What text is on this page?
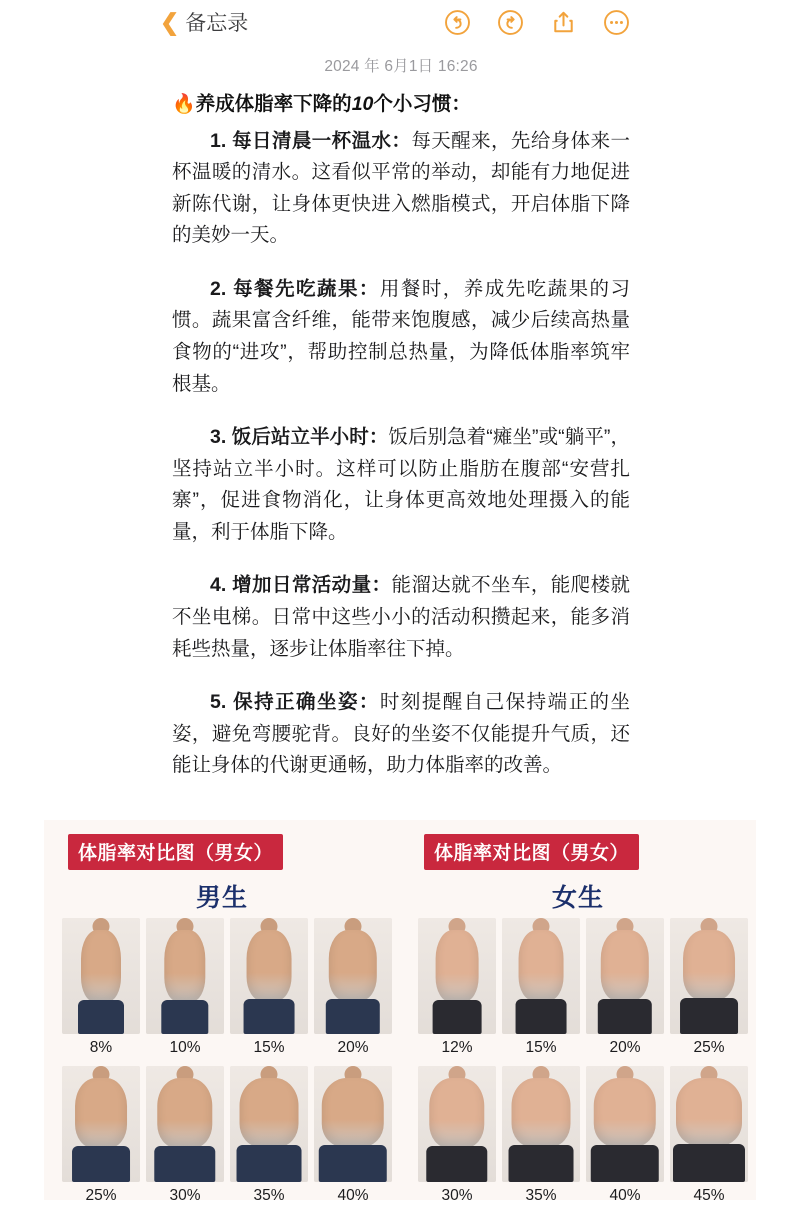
❮ 备忘录
2024 年 6月1日 16:26
🔥养成体脂率下降的10个小习惯：

1. 每日清晨一杯温水：每天醒来，先给身体来一杯温暖的清水。这看似平常的举动，却能有力地促进新陈代谢，让身体更快进入燃脂模式，开启体脂下降的美妙一天。

2. 每餐先吃蔬果：用餐时，养成先吃蔬果的习惯。蔬果富含纤维，能带来饱腹感，减少后续高热量食物的“进攻”，帮助控制总热量，为降低体脂率筑牢根基。

3. 饭后站立半小时：饭后别急着“瘫坐”或“躺平”，坚持站立半小时。这样可以防止脂肪在腹部“安营扎寨”，促进食物消化，让身体更高效地处理摄入的能量，利于体脂下降。

4. 增加日常活动量：能溜达就不坐车，能爬楼就不坐电梯。日常中这些小小的活动积攒起来，能多消耗些热量，逐步让体脂率往下掉。

5. 保持正确坐姿：时刻提醒自己保持端正的坐姿，避免弯腰驼背。良好的坐姿不仅能提升气质，还能让身体的代谢更通畅，助力体脂率的改善。

体脂率对比图（男女）
男生
8%	10%	15%	20%
25%	30%	35%	40%
体脂率对比图（男女）
女生
12%	15%	20%	25%
30%	35%	40%	45%
